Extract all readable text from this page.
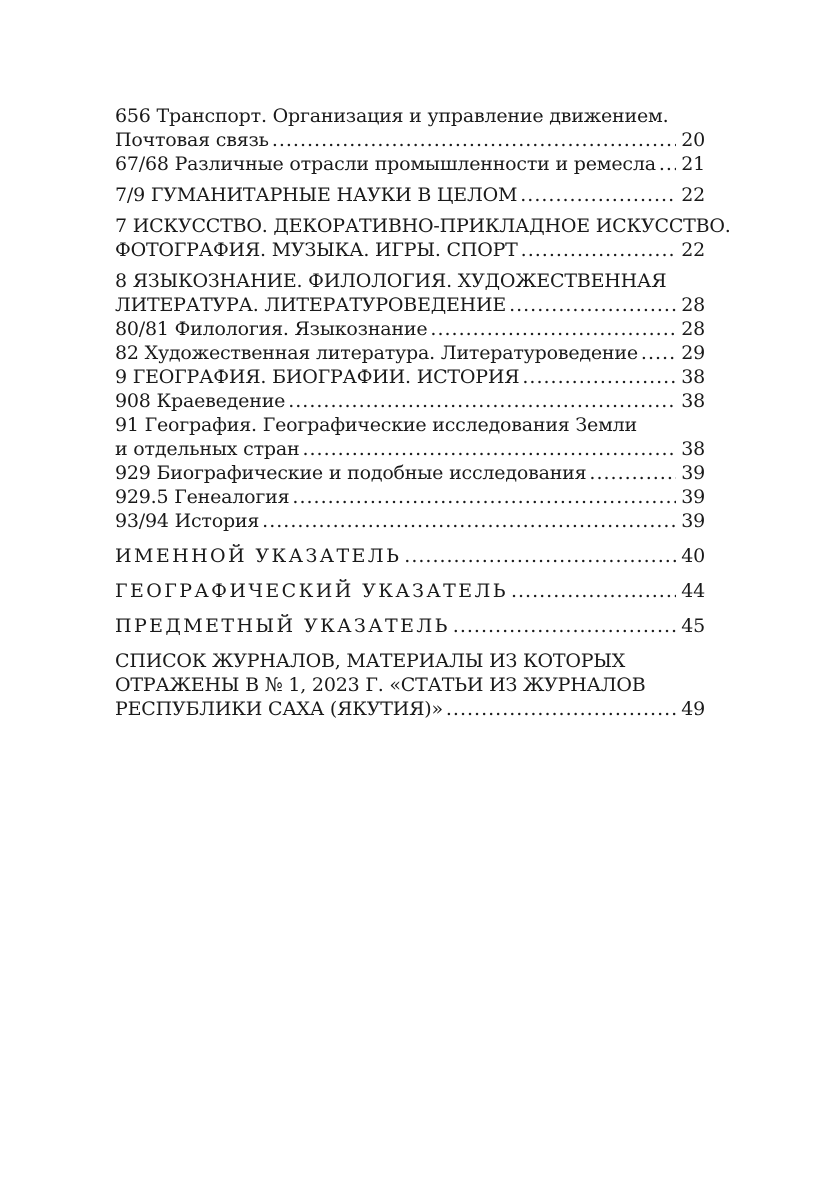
656 Транспорт. Организация и управление движением.
Почтовая связь .....	20
67/68 Различные отрасли промышленности и ремесла ..... 21
7/9 ГУМАНИТАРНЫЕ НАУКИ В ЦЕЛОМ .....	22
7 ИСКУССТВО. ДЕКОРАТИВНО-ПРИКЛАДНОЕ ИСКУССТВО.
ФОТОГРАФИЯ. МУЗЫКА. ИГРЫ. СПОРТ .....	22
8 ЯЗЫКОЗНАНИЕ. ФИЛОЛОГИЯ. ХУДОЖЕСТВЕННАЯ
ЛИТЕРАТУРА. ЛИТЕРАТУРОВЕДЕНИЕ .....	28
80/81 Филология. Языкознание .....	28
82 Художественная литература. Литературоведение ..... 29
9 ГЕОГРАФИЯ. БИОГРАФИИ. ИСТОРИЯ .....	38
908 Краеведение .....	38
91 География. Географические исследования Земли
и отдельных стран .....	38
929 Биографические и подобные исследования .....	39
929.5 Генеалогия .....	39
93/94 История .....	39
ИМЕННОЙ УКАЗАТЕЛЬ .....	40
ГЕОГРАФИЧЕСКИЙ УКАЗАТЕЛЬ .....	44
ПРЕДМЕТНЫЙ УКАЗАТЕЛЬ .....	45
СПИСОК ЖУРНАЛОВ, МАТЕРИАЛЫ ИЗ КОТОРЫХ
ОТРАЖЕНЫ В № 1, 2023 Г. «СТАТЬИ ИЗ ЖУРНАЛОВ
РЕСПУБЛИКИ САХА (ЯКУТИЯ)» .....	49
